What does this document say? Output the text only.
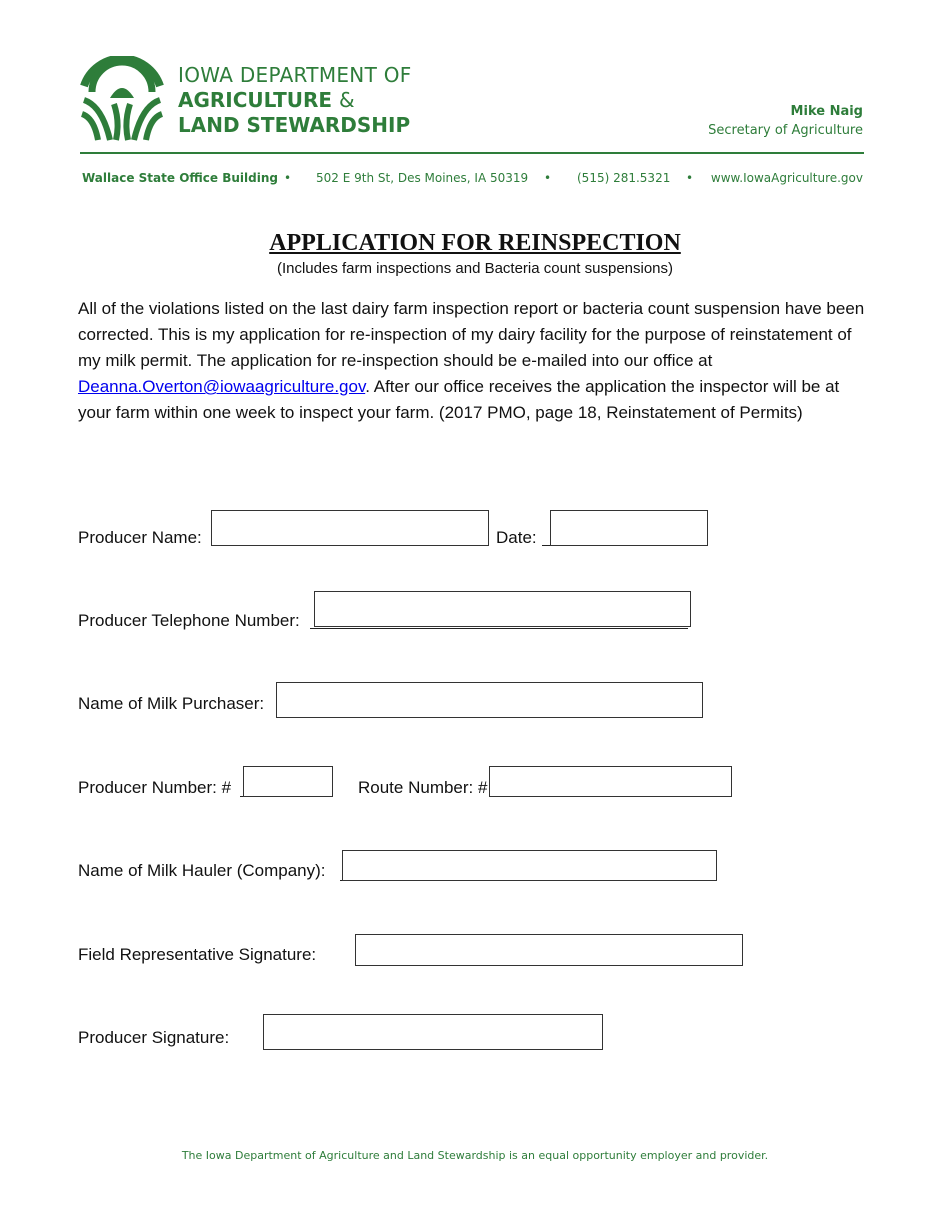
IOWA DEPARTMENT OF
AGRICULTURE &
LAND STEWARDSHIP
Mike Naig
Secretary of Agriculture
Wallace State Office Building • 502 E 9th St, Des Moines, IA 50319 • (515) 281.5321 • www.IowaAgriculture.gov
APPLICATION FOR REINSPECTION
(Includes farm inspections and Bacteria count suspensions)
All of the violations listed on the last dairy farm inspection report or bacteria count suspension have been corrected. This is my application for re-inspection of my dairy facility for the purpose of reinstatement of my milk permit. The application for re-inspection should be e-mailed into our office at Deanna.Overton@iowaagriculture.gov. After our office receives the application the inspector will be at your farm within one week to inspect your farm. (2017 PMO, page 18, Reinstatement of Permits)
Producer Name:	Date:
Producer Telephone Number:
Name of Milk Purchaser:
Producer Number: #	Route Number: #
Name of Milk Hauler (Company):
Field Representative Signature:
Producer Signature:
The Iowa Department of Agriculture and Land Stewardship is an equal opportunity employer and provider.
